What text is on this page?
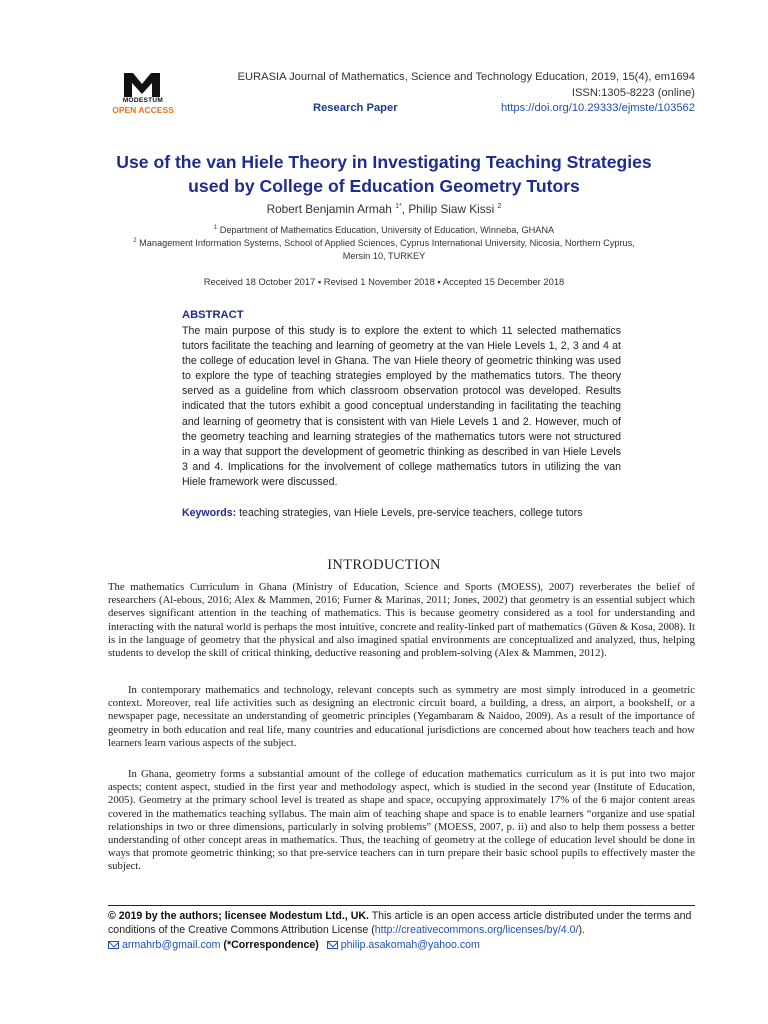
MODESTUM
OPEN ACCESS
EURASIA Journal of Mathematics, Science and Technology Education, 2019, 15(4), em1694
ISSN:1305-8223 (online)
Research Paper	https://doi.org/10.29333/ejmste/103562
Use of the van Hiele Theory in Investigating Teaching Strategies
used by College of Education Geometry Tutors
Robert Benjamin Armah $^{1*}$, Philip Siaw Kissi $^2$
$^1$ Department of Mathematics Education, University of Education, Winneba, GHANA
$^2$ Management Information Systems, School of Applied Sciences, Cyprus International University, Nicosia, Northern Cyprus,
Mersin 10, TURKEY
Received 18 October 2017 ▪ Revised 1 November 2018 ▪ Accepted 15 December 2018
ABSTRACT
The main purpose of this study is to explore the extent to which 11 selected mathematics tutors facilitate the teaching and learning of geometry at the van Hiele Levels 1, 2, 3 and 4 at the college of education level in Ghana. The van Hiele theory of geometric thinking was used to explore the type of teaching strategies employed by the mathematics tutors. The theory served as a guideline from which classroom observation protocol was developed. Results indicated that the tutors exhibit a good conceptual understanding in facilitating the teaching and learning of geometry that is consistent with van Hiele Levels 1 and 2. However, much of the geometry teaching and learning strategies of the mathematics tutors were not structured in a way that support the development of geometric thinking as described in van Hiele Levels 3 and 4. Implications for the involvement of college mathematics tutors in utilizing the van Hiele framework were discussed.
Keywords: teaching strategies, van Hiele Levels, pre-service teachers, college tutors
INTRODUCTION
The mathematics Curriculum in Ghana (Ministry of Education, Science and Sports (MOESS), 2007) reverberates the belief of researchers (Al-ebous, 2016; Alex & Mammen, 2016; Furner & Marinas, 2011; Jones, 2002) that geometry is an essential subject which deserves significant attention in the teaching of mathematics. This is because geometry considered as a tool for understanding and interacting with the natural world is perhaps the most intuitive, concrete and reality-linked part of mathematics (Güven & Kosa, 2008). It is in the language of geometry that the physical and also imagined spatial environments are conceptualized and analyzed, thus, helping students to develop the skill of critical thinking, deductive reasoning and problem-solving (Alex & Mammen, 2012).
In contemporary mathematics and technology, relevant concepts such as symmetry are most simply introduced in a geometric context. Moreover, real life activities such as designing an electronic circuit board, a building, a dress, an airport, a bookshelf, or a newspaper page, necessitate an understanding of geometric principles (Yegambaram & Naidoo, 2009). As a result of the importance of geometry in both education and real life, many countries and educational jurisdictions are concerned about how teachers teach and how learners learn various aspects of the subject.
In Ghana, geometry forms a substantial amount of the college of education mathematics curriculum as it is put into two major aspects; content aspect, studied in the first year and methodology aspect, which is studied in the second year (Institute of Education, 2005). Geometry at the primary school level is treated as shape and space, occupying approximately 17% of the 6 major content areas covered in the mathematics teaching syllabus. The main aim of teaching shape and space is to enable learners “organize and use spatial relationships in two or three dimensions, particularly in solving problems” (MOESS, 2007, p. ii) and also to help them possess a better understanding of other concept areas in mathematics. Thus, the teaching of geometry at the college of education level should be done in ways that promote geometric thinking; so that pre-service teachers can in turn prepare their basic school pupils to effectively master the subject.
© 2019 by the authors; licensee Modestum Ltd., UK. This article is an open access article distributed under the terms and conditions of the Creative Commons Attribution License (http://creativecommons.org/licenses/by/4.0/).
armahrb@gmail.com (*Correspondence) philip.asakomah@yahoo.com
